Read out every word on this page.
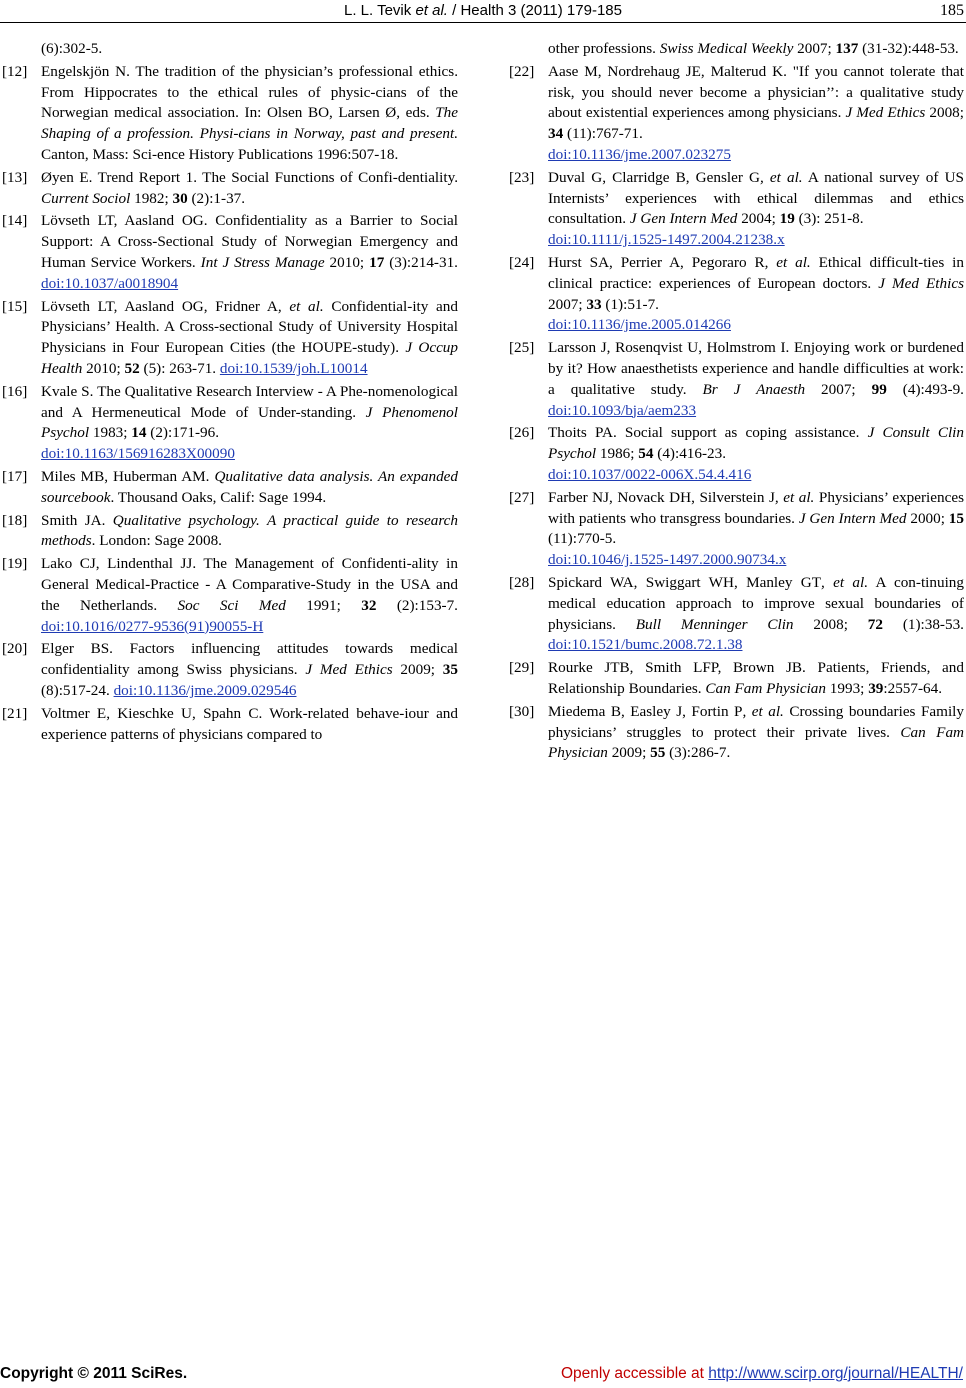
L. L. Tevik et al. / Health 3 (2011) 179-185	185
(6):302-5.
[12] Engelskjön N. The tradition of the physician’s professional ethics. From Hippocrates to the ethical rules of physic-cians of the Norwegian medical association. In: Olsen BO, Larsen Ø, eds. The Shaping of a profession. Physi-cians in Norway, past and present. Canton, Mass: Sci-ence History Publications 1996:507-18.
[13] Øyen E. Trend Report 1. The Social Functions of Confi-dentiality. Current Sociol 1982; 30 (2):1-37.
[14] Lövseth LT, Aasland OG. Confidentiality as a Barrier to Social Support: A Cross-Sectional Study of Norwegian Emergency and Human Service Workers. Int J Stress Manage 2010; 17 (3):214-31. doi:10.1037/a0018904
[15] Lövseth LT, Aasland OG, Fridner A, et al. Confidential-ity and Physicians’ Health. A Cross-sectional Study of University Hospital Physicians in Four European Cities (the HOUPE-study). J Occup Health 2010; 52 (5): 263-71. doi:10.1539/joh.L10014
[16] Kvale S. The Qualitative Research Interview - A Phe-nomenological and A Hermeneutical Mode of Under-standing. J Phenomenol Psychol 1983; 14 (2):171-96.
doi:10.1163/156916283X00090
[17] Miles MB, Huberman AM. Qualitative data analysis. An expanded sourcebook. Thousand Oaks, Calif: Sage 1994.
[18] Smith JA. Qualitative psychology. A practical guide to research methods. London: Sage 2008.
[19] Lako CJ, Lindenthal JJ. The Management of Confidenti-ality in General Medical-Practice - A Comparative-Study in the USA and the Netherlands. Soc Sci Med 1991; 32 (2):153-7. doi:10.1016/0277-9536(91)90055-H
[20] Elger BS. Factors influencing attitudes towards medical confidentiality among Swiss physicians. J Med Ethics 2009; 35 (8):517-24. doi:10.1136/jme.2009.029546
[21] Voltmer E, Kieschke U, Spahn C. Work-related behave-iour and experience patterns of physicians compared to
other professions. Swiss Medical Weekly 2007; 137 (31-32):448-53.
[22] Aase M, Nordrehaug JE, Malterud K. "If you cannot tolerate that risk, you should never become a physician’’: a qualitative study about existential experiences among physicians. J Med Ethics 2008; 34 (11):767-71.
doi:10.1136/jme.2007.023275
[23] Duval G, Clarridge B, Gensler G, et al. A national survey of US Internists’ experiences with ethical dilemmas and ethics consultation. J Gen Intern Med 2004; 19 (3): 251-8.
doi:10.1111/j.1525-1497.2004.21238.x
[24] Hurst SA, Perrier A, Pegoraro R, et al. Ethical difficult-ties in clinical practice: experiences of European doctors. J Med Ethics 2007; 33 (1):51-7.
doi:10.1136/jme.2005.014266
[25] Larsson J, Rosenqvist U, Holmstrom I. Enjoying work or burdened by it? How anaesthetists experience and handle difficulties at work: a qualitative study. Br J Anaesth 2007; 99 (4):493-9. doi:10.1093/bja/aem233
[26] Thoits PA. Social support as coping assistance. J Consult Clin Psychol 1986; 54 (4):416-23.
doi:10.1037/0022-006X.54.4.416
[27] Farber NJ, Novack DH, Silverstein J, et al. Physicians’ experiences with patients who transgress boundaries. J Gen Intern Med 2000; 15 (11):770-5.
doi:10.1046/j.1525-1497.2000.90734.x
[28] Spickard WA, Swiggart WH, Manley GT, et al. A con-tinuing medical education approach to improve sexual boundaries of physicians. Bull Menninger Clin 2008; 72 (1):38-53. doi:10.1521/bumc.2008.72.1.38
[29] Rourke JTB, Smith LFP, Brown JB. Patients, Friends, and Relationship Boundaries. Can Fam Physician 1993; 39:2557-64.
[30] Miedema B, Easley J, Fortin P, et al. Crossing boundaries Family physicians’ struggles to protect their private lives. Can Fam Physician 2009; 55 (3):286-7.
Copyright © 2011 SciRes.	Openly accessible at http://www.scirp.org/journal/HEALTH/
